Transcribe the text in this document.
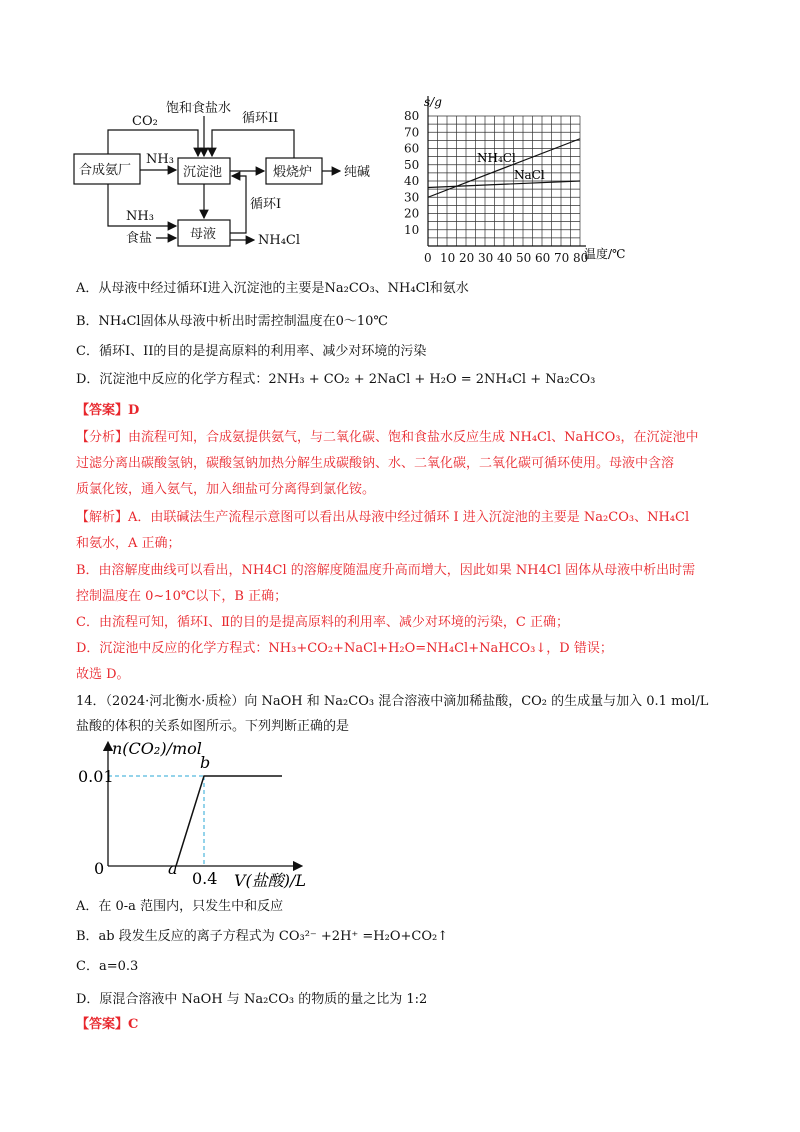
CO₂
饱和食盐水
循环II
合成氨厂
NH₃
沉淀池	煅烧炉 纯碱
循环I
NH₃
食盐	母液	NH₄Cl
80
70
60
50
40
30
20
10
0 10 20 30 40 50 60 70 80
s/g
温度/℃
NH₄Cl
NaCl
A．从母液中经过循环I进入沉淀池的主要是Na₂CO₃、NH₄Cl和氨水
B．NH₄Cl固体从母液中析出时需控制温度在0～10℃
C．循环I、II的目的是提高原料的利用率、减少对环境的污染
D．沉淀池中反应的化学方程式：2NH₃ + CO₂ + 2NaCl + H₂O = 2NH₄Cl + Na₂CO₃
【答案】D
【分析】由流程可知，合成氨提供氨气，与二氧化碳、饱和食盐水反应生成 NH₄Cl、NaHCO₃，在沉淀池中
过滤分离出碳酸氢钠，碳酸氢钠加热分解生成碳酸钠、水、二氧化碳，二氧化碳可循环使用。母液中含溶
质氯化铵，通入氨气，加入细盐可分离得到氯化铵。
【解析】A．由联碱法生产流程示意图可以看出从母液中经过循环 I 进入沉淀池的主要是 Na₂CO₃、NH₄Cl
和氨水，A 正确；
B．由溶解度曲线可以看出，NH4Cl 的溶解度随温度升高而增大，因此如果 NH4Cl 固体从母液中析出时需
控制温度在 0~10℃以下，B 正确；
C．由流程可知，循环Ⅰ、Ⅱ的目的是提高原料的利用率、减少对环境的污染，C 正确；
D．沉淀池中反应的化学方程式：NH₃+CO₂+NaCl+H₂O=NH₄Cl+NaHCO₃↓，D 错误；
故选 D。
14．（2024·河北衡水·质检）向 NaOH 和 Na₂CO₃ 混合溶液中滴加稀盐酸，CO₂ 的生成量与加入 0.1 mol/L
盐酸的体积的关系如图所示。下列判断正确的是
n(CO₂)/mol
0.01
0	a
b
0.4 V(盐酸)/L
A．在 0-a 范围内，只发生中和反应
B．ab 段发生反应的离子方程式为 CO₃²⁻ +2H⁺ =H₂O+CO₂↑
C．a=0.3
D．原混合溶液中 NaOH 与 Na₂CO₃ 的物质的量之比为 1:2
【答案】C
